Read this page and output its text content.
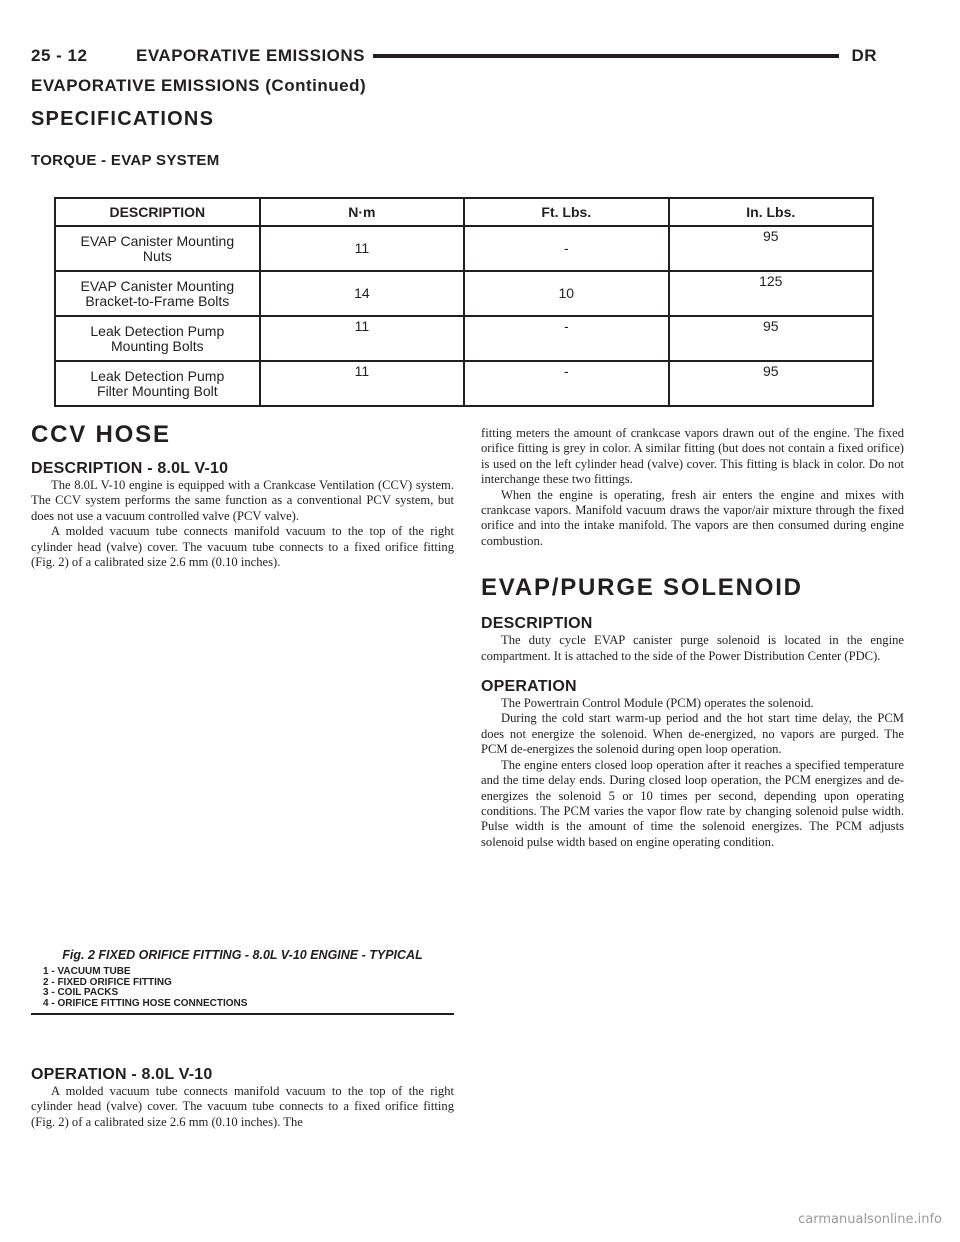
25 - 12	EVAPORATIVE EMISSIONS	DR
EVAPORATIVE EMISSIONS (Continued)
SPECIFICATIONS
TORQUE - EVAP SYSTEM
DESCRIPTION	N·m	Ft. Lbs.	In. Lbs.

EVAP Canister Mounting
Nuts	11	-	95

EVAP Canister Mounting
Bracket-to-Frame Bolts	14	10	125

Leak Detection Pump
Mounting Bolts	11	-	95

Leak Detection Pump
Filter Mounting Bolt	11	-	95
CCV HOSE
DESCRIPTION - 8.0L V-10

The 8.0L V-10 engine is equipped with a Crankcase Ventilation (CCV) system. The CCV system performs the same function as a conventional PCV system, but does not use a vacuum controlled valve (PCV valve).

A molded vacuum tube connects manifold vacuum to the top of the right cylinder head (valve) cover. The vacuum tube connects to a fixed orifice fitting (Fig. 2) of a calibrated size 2.6 mm (0.10 inches).

Fig. 2 FIXED ORIFICE FITTING - 8.0L V-10 ENGINE - TYPICAL
1 - VACUUM TUBE
2 - FIXED ORIFICE FITTING
3 - COIL PACKS
4 - ORIFICE FITTING HOSE CONNECTIONS
OPERATION - 8.0L V-10

A molded vacuum tube connects manifold vacuum to the top of the right cylinder head (valve) cover. The vacuum tube connects to a fixed orifice fitting (Fig. 2) of a calibrated size 2.6 mm (0.10 inches). The

fitting meters the amount of crankcase vapors drawn out of the engine. The fixed orifice fitting is grey in color. A similar fitting (but does not contain a fixed orifice) is used on the left cylinder head (valve) cover. This fitting is black in color. Do not interchange these two fittings.

When the engine is operating, fresh air enters the engine and mixes with crankcase vapors. Manifold vacuum draws the vapor/air mixture through the fixed orifice and into the intake manifold. The vapors are then consumed during engine combustion.

EVAP/PURGE SOLENOID
DESCRIPTION

The duty cycle EVAP canister purge solenoid is located in the engine compartment. It is attached to the side of the Power Distribution Center (PDC).

OPERATION

The Powertrain Control Module (PCM) operates the solenoid.

During the cold start warm-up period and the hot start time delay, the PCM does not energize the solenoid. When de-energized, no vapors are purged. The PCM de-energizes the solenoid during open loop operation.

The engine enters closed loop operation after it reaches a specified temperature and the time delay ends. During closed loop operation, the PCM energizes and de-energizes the solenoid 5 or 10 times per second, depending upon operating conditions. The PCM varies the vapor flow rate by changing solenoid pulse width. Pulse width is the amount of time the solenoid energizes. The PCM adjusts solenoid pulse width based on engine operating condition.

carmanualsonline.info
